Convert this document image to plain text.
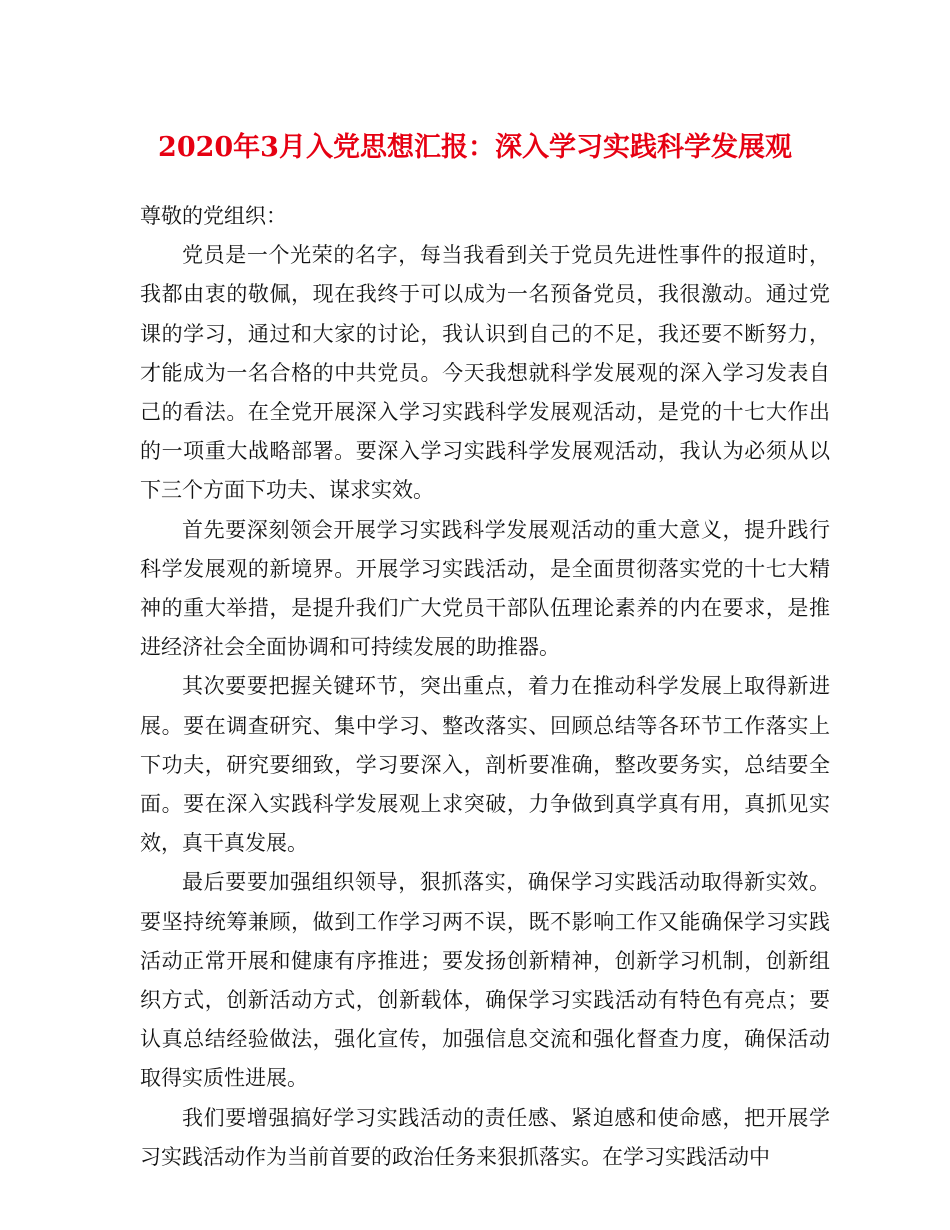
2020年3月入党思想汇报：深入学习实践科学发展观

尊敬的党组织：

党员是一个光荣的名字，每当我看到关于党员先进性事件的报道时，我都由衷的敬佩，现在我终于可以成为一名预备党员，我很激动。通过党课的学习，通过和大家的讨论，我认识到自己的不足，我还要不断努力，才能成为一名合格的中共党员。今天我想就科学发展观的深入学习发表自己的看法。在全党开展深入学习实践科学发展观活动，是党的十七大作出的一项重大战略部署。要深入学习实践科学发展观活动，我认为必须从以下三个方面下功夫、谋求实效。

首先要深刻领会开展学习实践科学发展观活动的重大意义，提升践行科学发展观的新境界。开展学习实践活动，是全面贯彻落实党的十七大精神的重大举措，是提升我们广大党员干部队伍理论素养的内在要求，是推进经济社会全面协调和可持续发展的助推器。

其次要要把握关键环节，突出重点，着力在推动科学发展上取得新进展。要在调查研究、集中学习、整改落实、回顾总结等各环节工作落实上下功夫，研究要细致，学习要深入，剖析要准确，整改要务实，总结要全面。要在深入实践科学发展观上求突破，力争做到真学真有用，真抓见实效，真干真发展。

最后要要加强组织领导，狠抓落实，确保学习实践活动取得新实效。要坚持统筹兼顾，做到工作学习两不误，既不影响工作又能确保学习实践活动正常开展和健康有序推进；要发扬创新精神，创新学习机制，创新组织方式，创新活动方式，创新载体，确保学习实践活动有特色有亮点；要认真总结经验做法，强化宣传，加强信息交流和强化督查力度，确保活动取得实质性进展。

我们要增强搞好学习实践活动的责任感、紧迫感和使命感，把开展学习实践活动作为当前首要的政治任务来狠抓落实。在学习实践活动中
